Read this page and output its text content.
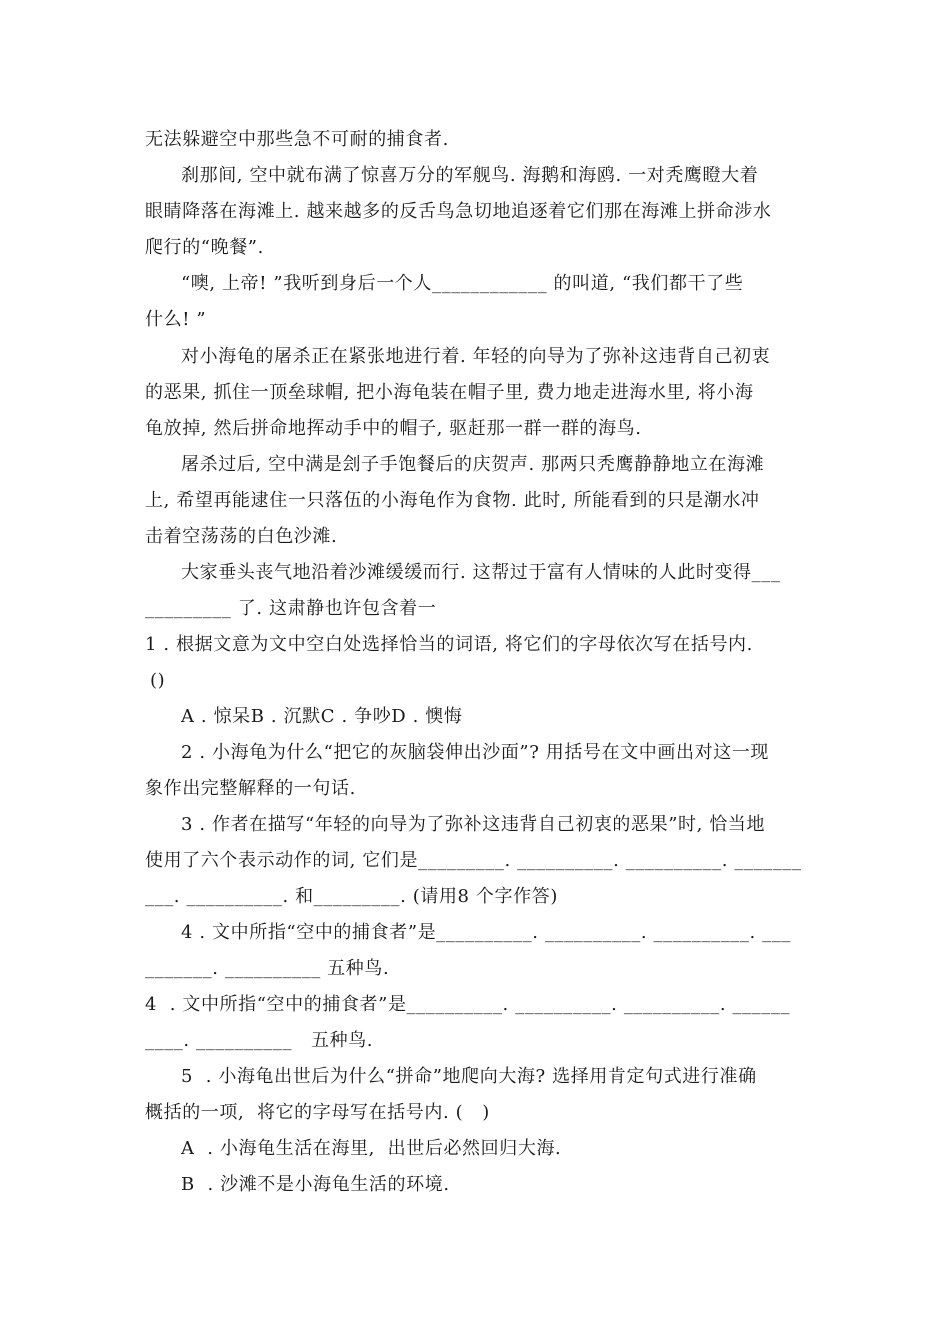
无法躲避空中那些急不可耐的捕食者.
刹那间, 空中就布满了惊喜万分的军舰鸟. 海鹅和海鸥. 一对秃鹰瞪大着
眼睛降落在海滩上. 越来越多的反舌鸟急切地追逐着它们那在海滩上拼命涉水
爬行的“晚餐”.
“噢, 上帝! ”我听到身后一个人____________ 的叫道, “我们都干了些
什么! ”
对小海龟的屠杀正在紧张地进行着. 年轻的向导为了弥补这违背自己初衷
的恶果, 抓住一顶垒球帽, 把小海龟装在帽子里, 费力地走进海水里, 将小海
龟放掉, 然后拼命地挥动手中的帽子, 驱赶那一群一群的海鸟.
屠杀过后, 空中满是刽子手饱餐后的庆贺声. 那两只秃鹰静静地立在海滩
上, 希望再能逮住一只落伍的小海龟作为食物. 此时, 所能看到的只是潮水冲
击着空荡荡的白色沙滩.
大家垂头丧气地沿着沙滩缓缓而行. 这帮过于富有人情味的人此时变得___
_________ 了. 这肃静也许包含着一
1 . 根据文意为文中空白处选择恰当的词语, 将它们的字母依次写在括号内.
()
A . 惊呆B . 沉默C . 争吵D . 懊悔
2 . 小海龟为什么“把它的灰脑袋伸出沙面”? 用括号在文中画出对这一现
象作出完整解释的一句话.
3 . 作者在描写“年轻的向导为了弥补这违背自己初衷的恶果”时, 恰当地
使用了六个表示动作的词, 它们是_________. __________. __________. _______
___. __________. 和_________. (请用8 个字作答)
4 . 文中所指“空中的捕食者”是__________. __________. __________. ___
_______. __________ 五种鸟.
4  . 文中所指“空中的捕食者”是__________. __________. __________. ______
____. __________   五种鸟.
5  . 小海龟出世后为什么“拼命”地爬向大海? 选择用肯定句式进行准确
概括的一项,  将它的字母写在括号内. (   )
A  . 小海龟生活在海里,  出世后必然回归大海.
B  . 沙滩不是小海龟生活的环境.
